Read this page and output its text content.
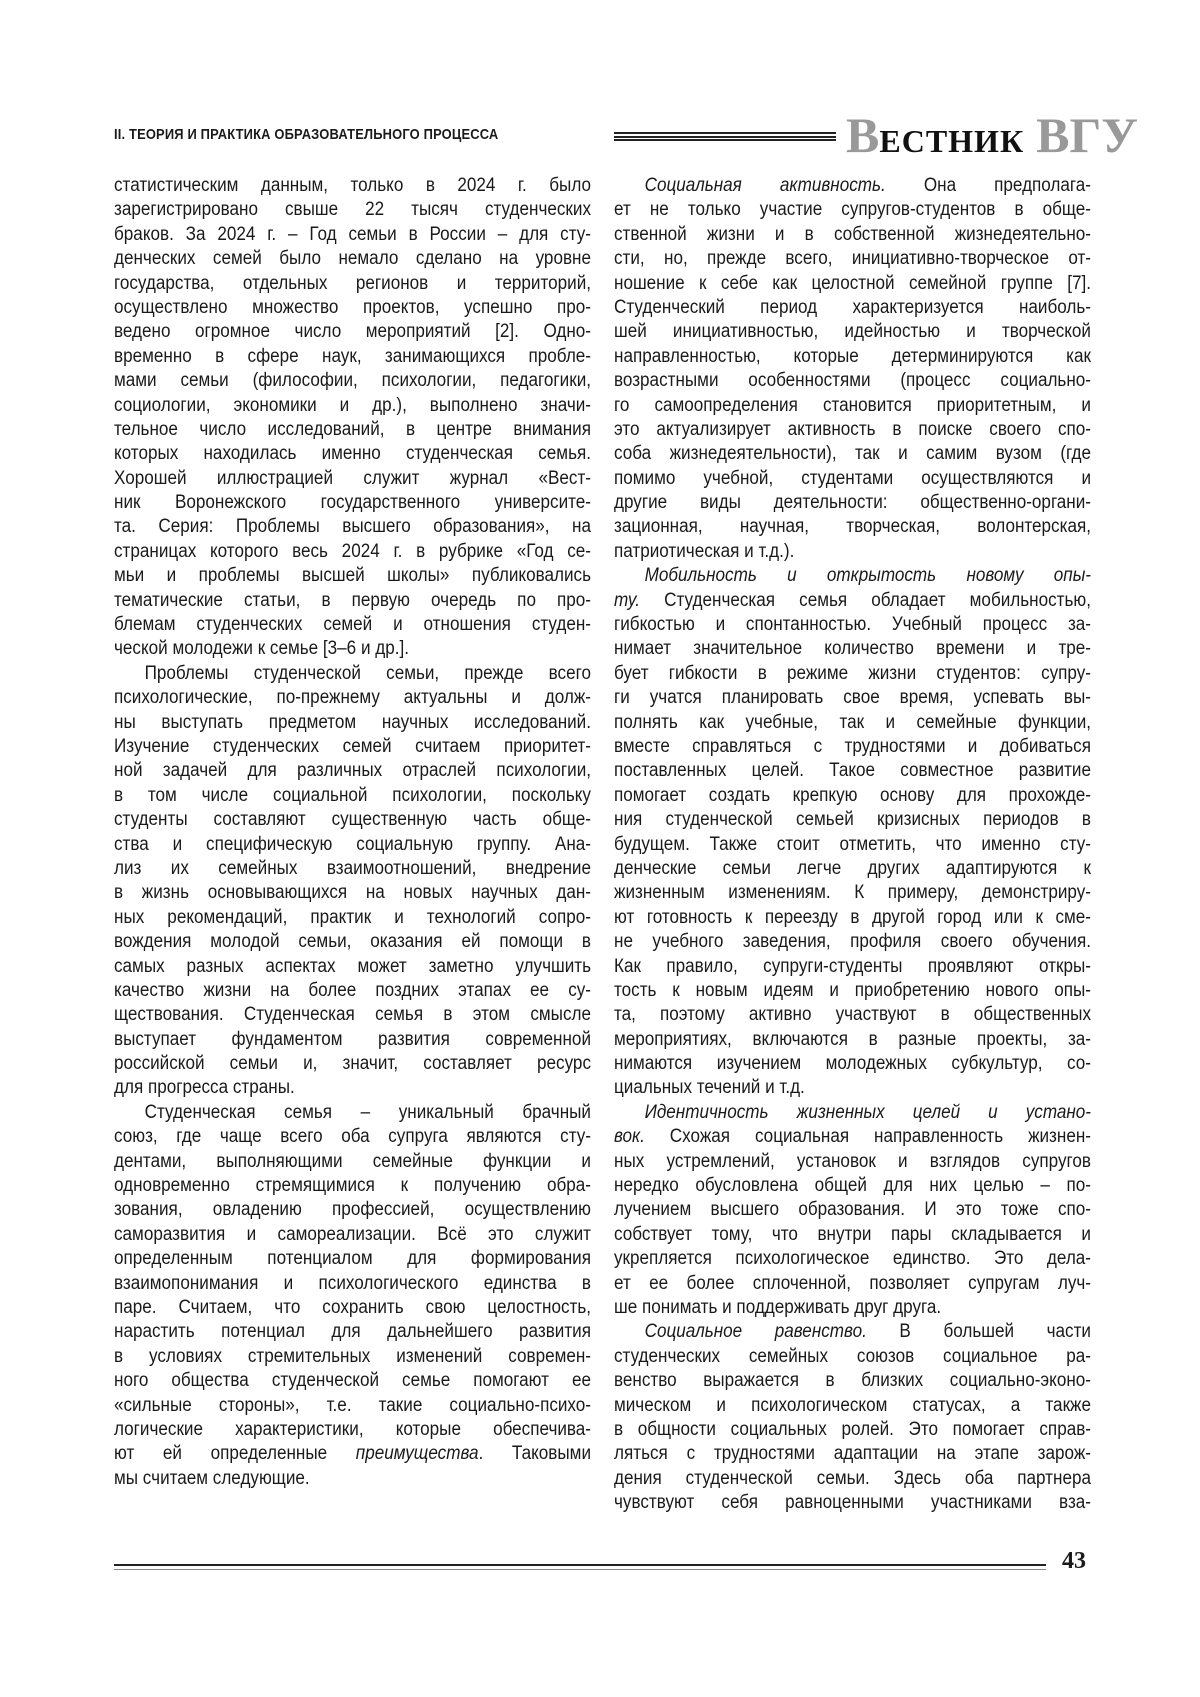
II. ТЕОРИЯ И ПРАКТИКА ОБРАЗОВАТЕЛЬНОГО ПРОЦЕССА	ВЕСТНИК ВГУ
статистическим данным, только в 2024 г. было
зарегистрировано свыше 22 тысяч студенческих
браков. За 2024 г. – Год семьи в России – для сту-
денческих семей было немало сделано на уровне
государства, отдельных регионов и территорий,
осуществлено множество проектов, успешно про-
ведено огромное число мероприятий [2]. Одно-
временно в сфере наук, занимающихся пробле-
мами семьи (философии, психологии, педагогики,
социологии, экономики и др.), выполнено значи-
тельное число исследований, в центре внимания
которых находилась именно студенческая семья.
Хорошей иллюстрацией служит журнал «Вест-
ник Воронежского государственного университе-
та. Серия: Проблемы высшего образования», на
страницах которого весь 2024 г. в рубрике «Год се-
мьи и проблемы высшей школы» публиковались
тематические статьи, в первую очередь по про-
блемам студенческих семей и отношения студен-
ческой молодежи к семье [3–6 и др.].
Проблемы студенческой семьи, прежде всего
психологические, по-прежнему актуальны и долж-
ны выступать предметом научных исследований.
Изучение студенческих семей считаем приоритет-
ной задачей для различных отраслей психологии,
в том числе социальной психологии, поскольку
студенты составляют существенную часть обще-
ства и специфическую социальную группу. Ана-
лиз их семейных взаимоотношений, внедрение
в жизнь основывающихся на новых научных дан-
ных рекомендаций, практик и технологий сопро-
вождения молодой семьи, оказания ей помощи в
самых разных аспектах может заметно улучшить
качество жизни на более поздних этапах ее су-
ществования. Студенческая семья в этом смысле
выступает фундаментом развития современной
российской семьи и, значит, составляет ресурс
для прогресса страны.
Студенческая семья – уникальный брачный
союз, где чаще всего оба супруга являются сту-
дентами, выполняющими семейные функции и
одновременно стремящимися к получению обра-
зования, овладению профессией, осуществлению
саморазвития и самореализации. Всё это служит
определенным потенциалом для формирования
взаимопонимания и психологического единства в
паре. Считаем, что сохранить свою целостность,
нарастить потенциал для дальнейшего развития
в условиях стремительных изменений современ-
ного общества студенческой семье помогают ее
«сильные стороны», т.е. такие социально-психо-
логические характеристики, которые обеспечива-
ют ей определенные преимущества. Таковыми
мы считаем следующие.
Социальная активность. Она предполага-
ет не только участие супругов-студентов в обще-
ственной жизни и в собственной жизнедеятельно-
сти, но, прежде всего, инициативно-творческое от-
ношение к себе как целостной семейной группе [7].
Студенческий период характеризуется наиболь-
шей инициативностью, идейностью и творческой
направленностью, которые детерминируются как
возрастными особенностями (процесс социально-
го самоопределения становится приоритетным, и
это актуализирует активность в поиске своего спо-
соба жизнедеятельности), так и самим вузом (где
помимо учебной, студентами осуществляются и
другие виды деятельности: общественно-органи-
зационная, научная, творческая, волонтерская,
патриотическая и т.д.).
Мобильность и открытость новому опы-
ту. Студенческая семья обладает мобильностью,
гибкостью и спонтанностью. Учебный процесс за-
нимает значительное количество времени и тре-
бует гибкости в режиме жизни студентов: супру-
ги учатся планировать свое время, успевать вы-
полнять как учебные, так и семейные функции,
вместе справляться с трудностями и добиваться
поставленных целей. Такое совместное развитие
помогает создать крепкую основу для прохожде-
ния студенческой семьей кризисных периодов в
будущем. Также стоит отметить, что именно сту-
денческие семьи легче других адаптируются к
жизненным изменениям. К примеру, демонстриру-
ют готовность к переезду в другой город или к сме-
не учебного заведения, профиля своего обучения.
Как правило, супруги-студенты проявляют откры-
тость к новым идеям и приобретению нового опы-
та, поэтому активно участвуют в общественных
мероприятиях, включаются в разные проекты, за-
нимаются изучением молодежных субкультур, со-
циальных течений и т.д.
Идентичность жизненных целей и устано-
вок. Схожая социальная направленность жизнен-
ных устремлений, установок и взглядов супругов
нередко обусловлена общей для них целью – по-
лучением высшего образования. И это тоже спо-
собствует тому, что внутри пары складывается и
укрепляется психологическое единство. Это дела-
ет ее более сплоченной, позволяет супругам луч-
ше понимать и поддерживать друг друга.
Социальное равенство. В большей части
студенческих семейных союзов социальное ра-
венство выражается в близких социально-эконо-
мическом и психологическом статусах, а также
в общности социальных ролей. Это помогает справ-
ляться с трудностями адаптации на этапе зарож-
дения студенческой семьи. Здесь оба партнера
чувствуют себя равноценными участниками вза-
43
